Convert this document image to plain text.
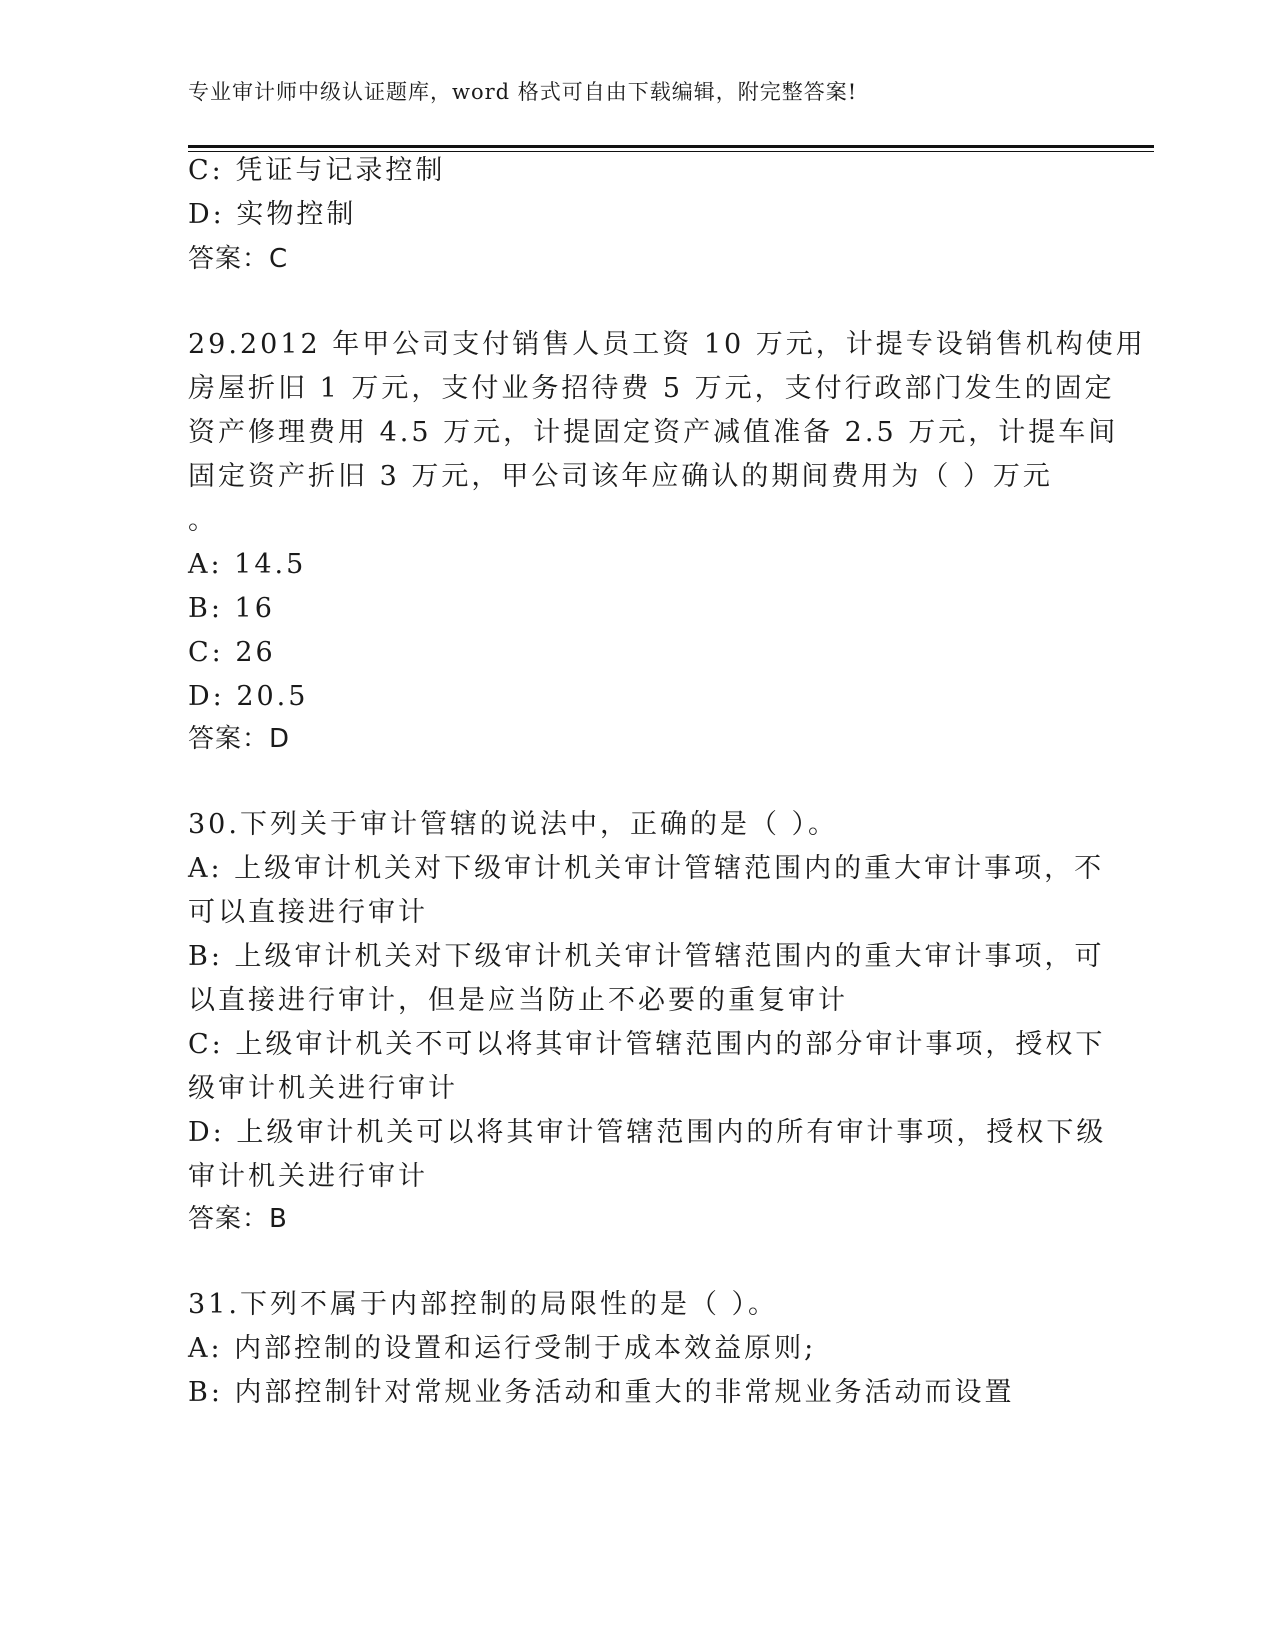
专业审计师中级认证题库，word 格式可自由下载编辑，附完整答案!
C: 凭证与记录控制
D: 实物控制
答案：C
29.2012 年甲公司支付销售人员工资 10 万元，计提专设销售机构使用
房屋折旧 1 万元，支付业务招待费 5 万元，支付行政部门发生的固定
资产修理费用 4.5 万元，计提固定资产减值准备 2.5 万元，计提车间
固定资产折旧 3 万元，甲公司该年应确认的期间费用为（ ）万元
。
A: 14.5
B: 16
C: 26
D: 20.5
答案：D
30.下列关于审计管辖的说法中，正确的是（ ）。
A: 上级审计机关对下级审计机关审计管辖范围内的重大审计事项，不
可以直接进行审计
B: 上级审计机关对下级审计机关审计管辖范围内的重大审计事项，可
以直接进行审计，但是应当防止不必要的重复审计
C: 上级审计机关不可以将其审计管辖范围内的部分审计事项，授权下
级审计机关进行审计
D: 上级审计机关可以将其审计管辖范围内的所有审计事项，授权下级
审计机关进行审计
答案：B
31.下列不属于内部控制的局限性的是（ ）。
A: 内部控制的设置和运行受制于成本效益原则;
B: 内部控制针对常规业务活动和重大的非常规业务活动而设置
